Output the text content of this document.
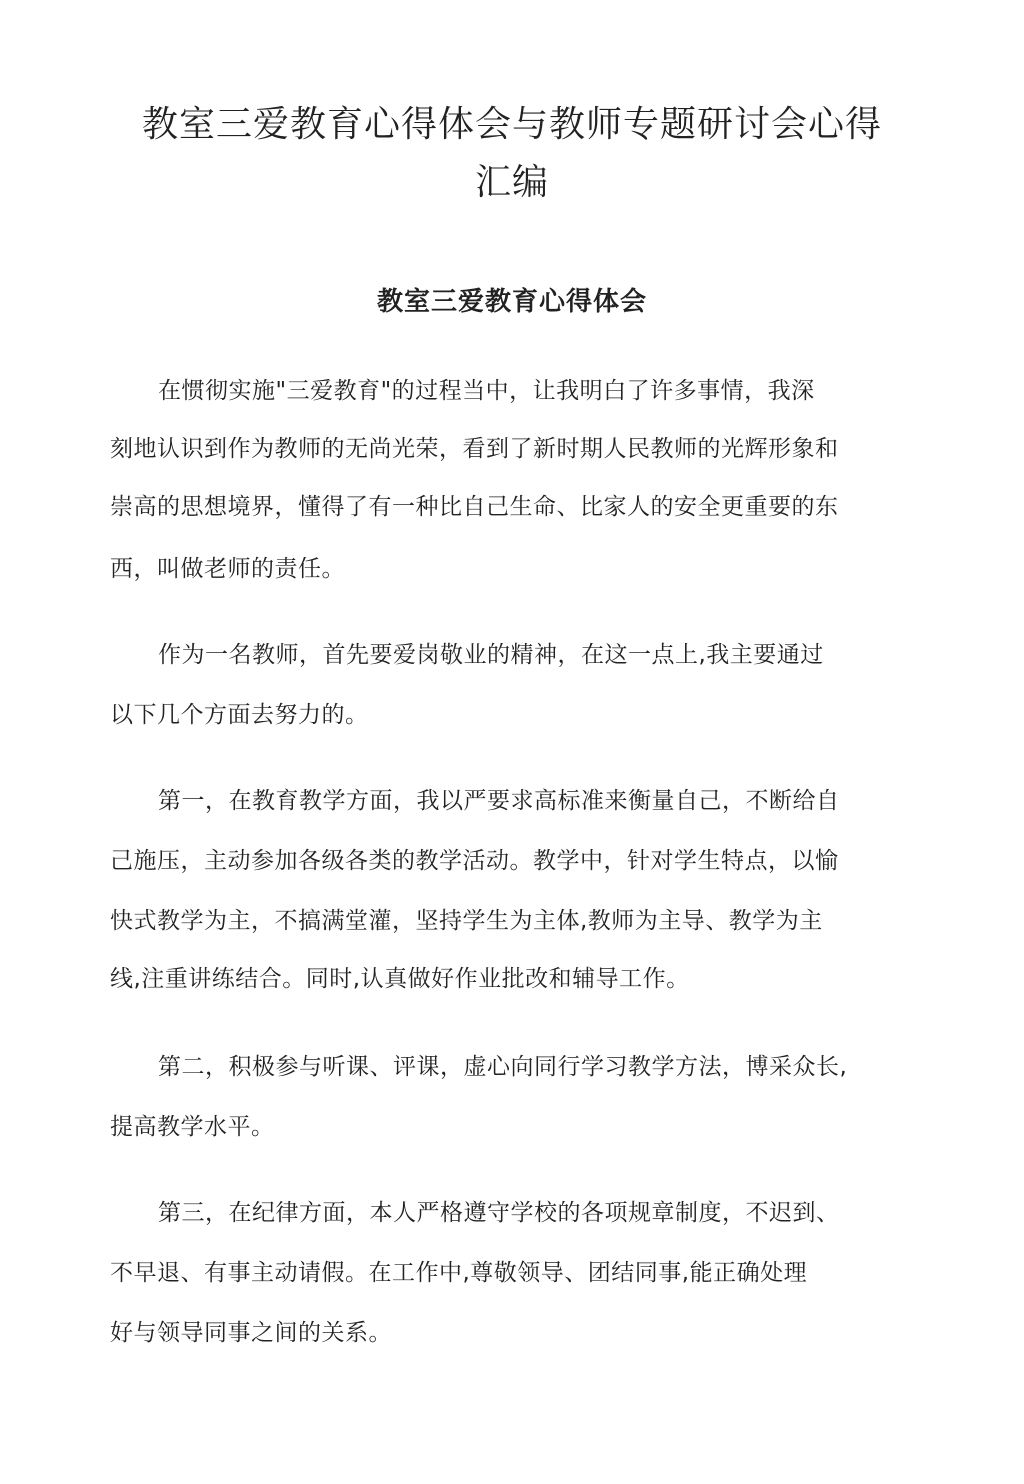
教室三爱教育心得体会与教师专题研讨会心得
汇编
教室三爱教育心得体会
在惯彻实施"三爱教育"的过程当中，让我明白了许多事情，我深
刻地认识到作为教师的无尚光荣，看到了新时期人民教师的光辉形象和
崇高的思想境界，懂得了有一种比自己生命、比家人的安全更重要的东
西，叫做老师的责任。
作为一名教师，首先要爱岗敬业的精神，在这一点上,我主要通过
以下几个方面去努力的。
第一，在教育教学方面，我以严要求高标准来衡量自己，不断给自
己施压，主动参加各级各类的教学活动。教学中，针对学生特点，以愉
快式教学为主，不搞满堂灌，坚持学生为主体,教师为主导、教学为主
线,注重讲练结合。同时,认真做好作业批改和辅导工作。
第二，积极参与听课、评课，虚心向同行学习教学方法，博采众长,
提高教学水平。
第三，在纪律方面，本人严格遵守学校的各项规章制度，不迟到、
不早退、有事主动请假。在工作中,尊敬领导、团结同事,能正确处理
好与领导同事之间的关系。
